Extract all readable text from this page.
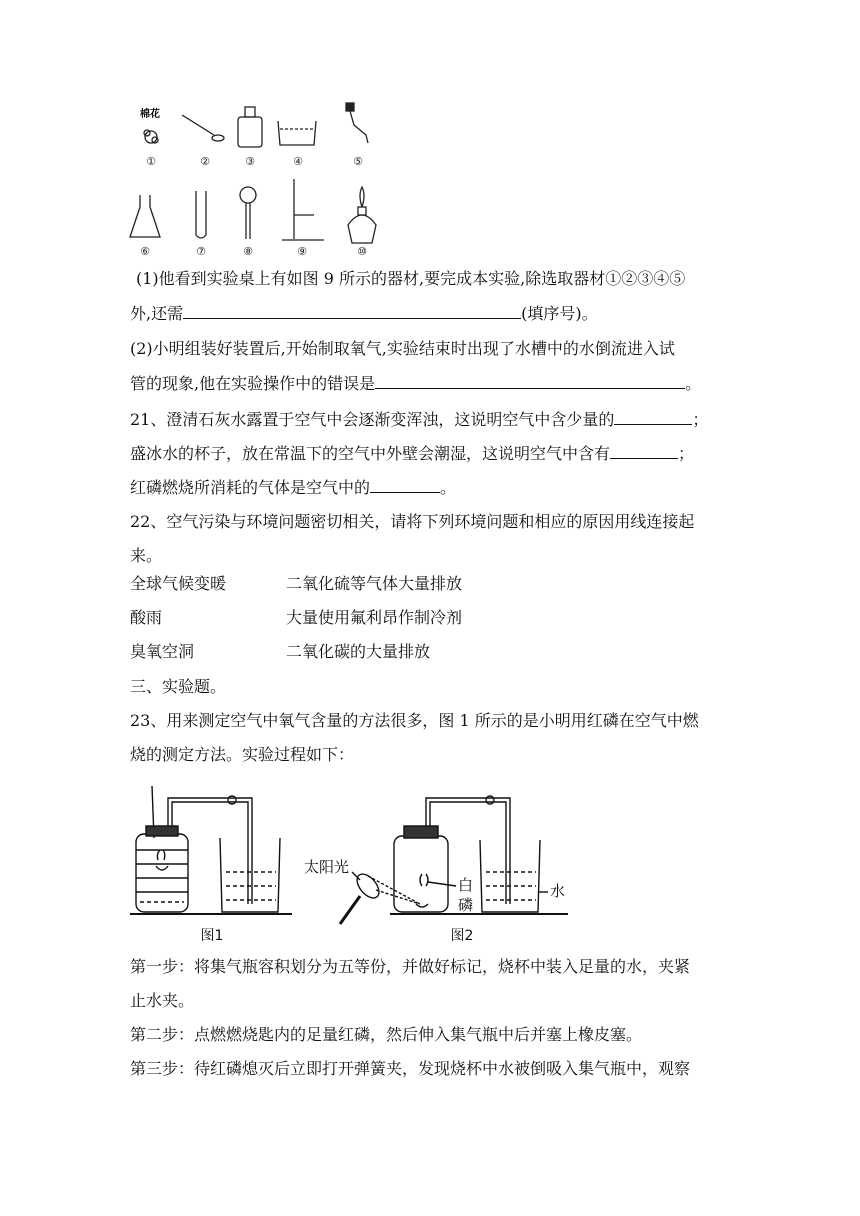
棉花
①	②	③	④	⑤
⑥	⑦	⑧	⑨	⑩
(1)他看到实验桌上有如图 9 所示的器材,要完成本实验,除选取器材①②③④⑤
外,还需	(填序号)。
(2)小明组装好装置后,开始制取氧气,实验结束时出现了水槽中的水倒流进入试
管的现象,他在实验操作中的错误是	。
21、澄清石灰水露置于空气中会逐渐变浑浊，这说明空气中含少量的	；
盛冰水的杯子，放在常温下的空气中外壁会潮湿，这说明空气中含有	；
红磷燃烧所消耗的气体是空气中的	。
22、空气污染与环境问题密切相关，请将下列环境问题和相应的原因用线连接起
来。
全球气候变暖	二氧化硫等气体大量排放
酸雨	大量使用氟利昂作制冷剂
臭氧空洞	二氧化碳的大量排放
三、实验题。
23、用来测定空气中氧气含量的方法很多，图 1 所示的是小明用红磷在空气中燃
烧的测定方法。实验过程如下：
太阳光
白
磷
水
图1	图2
第一步：将集气瓶容积划分为五等份，并做好标记，烧杯中装入足量的水，夹紧
止水夹。
第二步：点燃燃烧匙内的足量红磷，然后伸入集气瓶中后并塞上橡皮塞。
第三步：待红磷熄灭后立即打开弹簧夹，发现烧杯中水被倒吸入集气瓶中，观察
